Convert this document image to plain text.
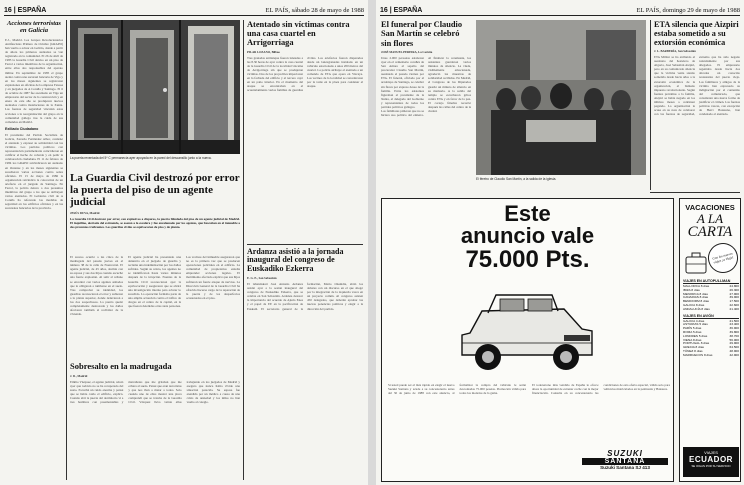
16 | ESPAÑA	EL PAÍS, sábado 28 de mayo de 1988
Acciones terroristas en Galicia
E.J., Madrid. Los Grupos Revolucionarios Antifascistas Primero de Octubre (GRAPO) han vuelto a actuar en Galicia, donde a partir de ahora los primeros atentados se van registrado en la comunidad. El 26 de abril de 1983 la Guardia Civil detuvo en un piso de Ferrol a varios miembros de la organización, entre ellos dos responsables del aparato militar. En septiembre de 1985 el grupo atentó contra una sucursal bancaria de Vigo y en los meses siguientes se registraron explosiones en oficinas de la empresa Fenosa y en juzgados de A Coruña y Santiago. El 6 de octubre de 1987 fue asesinado en Vigo un empresario del sector de la construcción y en enero de este año se produjeron nuevos atentados contra instalaciones de la Xunta. Las fuerzas de seguridad vinculan estas acciones a la reorganización del grupo en la comunidad gallega tras la caída de sus comandos en Madrid.
Exiliado Ciudadano
El presidente del Partido Socialista de Galicia, Xerardo Fernández Albor, condenó el atentado y expresó su solidaridad con las víctimas. Los partidos políticos con representación parlamentaria coincidieron en calificar el hecho de cobarde y en pedir la colaboración ciudadana. El 11 de febrero de 1984 los GRAPO reivindicaron un atentado en Ourense y en los meses siguientes se sucedieron varias acciones contra sedes oficiales. El 15 de mayo de 1986 la organización reivindicó la colocación de un artefacto en el juzgado de Santiago. En Ferrol, la policía detuvo a dos presuntos miembros del grupo a los que se atribuyen varios atentados. El Gobierno civil de A Coruña ha reforzado las medidas de seguridad en los edificios oficiales y en las sucursales bancarias de la provincia.
La puerta reventada del 5º C permanecía ayer apoyada en la pared del descansillo junto a la nueva.
La Guardia Civil destrozó por error la puerta del piso de un agente judicial
JESÚS DUVA, Madrid
La Guardia Civil destrozó por error, con explosivos a disparos, la puerta blindada del piso de un agente judicial de Madrid. El inquilino, alertado del estruendo, se asomó a la escalera y fue encañonado por los agentes, que buscaban en el inmueble a dos presuntos traficantes. Los guardias civiles se equivocaron de piso y de planta.
El suceso ocurrió a las cinco de la madrugada del pasado jueves en el número 38 de la calle de Fuencarral. El agente judicial, de 45 años, dormía con su esposa y sus dos hijos cuando escuchó una fuerte explosión. Al salir al rellano se encontró con varios agentes armados que le obligaron a tumbarse en el suelo. Tras comprobar su identidad, los guardias reconocieron el error y subieron a la planta superior, donde detuvieron a los dos sospechosos. La puerta quedó completamente destrozada y los daños afectaron también al recibidor de la vivienda.
El agente judicial ha presentado una denuncia en el juzgado de guardia y reclama una indemnización por los daños sufridos. Según su relato, los agentes no se identificaron hasta varios minutos después de la irrupción. Fuentes de la Guardia Civil reconocieron ayer la equivocación y aseguraron que se abrirá una investigación interna para aclarar lo sucedido. La operación formaba parte de una amplia actuación contra el tráfico de drogas en el centro de la capital, en la que fueron detenidas otras siete personas.
Los vecinos del inmueble aseguraron que no es la primera vez que se producen operaciones policiales en el edificio. La comunidad de propietarios estudia emprender acciones legales. El matrimonio afectado explicó que sus hijos sufrieron un fuerte ataque de nervios. La Dirección General de la Guardia Civil ha ofrecido hacerse cargo de la reparación de la puerta y de los desperfectos ocasionados en el piso.
Sobresalto en la madrugada
J. D., Madrid
Emilio Vázquez, el agente judicial, relató ayer que todavía no se ha recuperado del susto. Escuché un ruido enorme y pensé que se había caído el edificio, explicó. Cuando abrí la puerta del dormitorio vi a tres hombres con pasamontañas y metralletas que me gritaban que me echara al suelo. Pensé que eran terroristas y que nos iban a matar a todos. Solo cuando uno de ellos mostró una placa comprendí que se trataba de la Guardia Civil. Vázquez lleva veinte años trabajando en los juzgados de Madrid y asegura que nunca había vivido una situación parecida. Su esposa fue atendida por un médico a causa de una crisis de ansiedad y los niños no han vuelto al colegio.
Atentado sin víctimas contra una casa cuartel en Arrigorriaga
PILAR LOZANO, Bilbao
Tres granadas antitanque fueron lanzadas a las 8.30 horas de ayer contra la casa cuartel de la Guardia Civil de la localidad vizcaína de Arrigorriaga sin que se produjeran víctimas. Dos de los proyectiles impactaron en la fachada del edificio y el tercero cayó en un patio interior. En el momento del ataque se encontraban en el acuartelamiento varias familias de guardias civiles. Los artefactos fueron disparados desde un lanzagranadas instalado en un vehículo estacionado a unos 200 metros del cuartel. La policía atribuye el atentado a un comando de ETA que opera en Vizcaya. Los vecinos de la localidad se concentraron por la tarde en la plaza para condenar el ataque.
Ardanza asistió a la jornada inaugural del congreso de Euskadiko Ezkerra
E. G. E., San Sebastián
El lehendakari José Antonio Ardanza asistió ayer a la sesión inaugural del congreso de Euskadiko Ezkerra, que se celebra en San Sebastián. Ardanza destacó la importancia del acuerdo de Ajuria Enea y el papel de EE en la pacificación de Euskadi. El secretario general de la formación, Mario Onaindia, abrió los debates con un discurso en el que abogó por la integración de la izquierda vasca en un proyecto común. Al congreso asisten 450 delegados, que deberán aprobar las nuevas ponencias políticas y elegir a la dirección del partido.
16 | ESPAÑA	EL PAÍS, domingo 29 de mayo de 1988
El funeral por Claudio San Martín se celebró sin flores
JOSÉ MANUEL PEREIRA, La Coruña
Unas 2.000 personas asistieron ayer en el cementerio coruñés de San Amaro al sepelio del procurador Claudio San Martín, asesinado el pasado viernes por ETA. El funeral, oficiado por el arzobispo de Santiago, se celebró sin flores por expreso deseo de la familia. Entre los asistentes figuraban el presidente de la Xunta, el delegado del Gobierno y representantes de todos los partidos políticos gallegos.
Los familiares pidieron que no se hiciera uso político del entierro. Al finalizar la ceremonia, los asistentes guardaron varios minutos de silencio. La viuda, visiblemente emocionada, agradeció las muestras de solidaridad recibidas. En Madrid, el Congreso de los Diputados guardó un minuto de silencio en su memoria. A la salida del templo se escucharon gritos contra ETA y en favor de la paz. El cortejo fúnebre recorrió después las calles del centro de la ciudad.
El féretro de Claudio San Martín, a la salida de la iglesia.
ETA silencia que Aizpiri estaba sometido a su extorsión económica
J. L. BARBERÍA, San Sebastián
ETA Militar se ha atribuido el asesinato del hostelero de Algorta, José Sebastián Aizpiri, pero en su comunicado silencia que la víctima venía siendo sometida desde hacía años a la extorsión económica de la organización, el llamado impuesto revolucionario. Según fuentes próximas a la familia, Aizpiri se había negado en los últimos meses a continuar pagando. La organización le acusa en su nota de colaborar con las fuerzas de seguridad, extremo que ha sido negado rotundamente por sus allegados. El empresario regentaba desde hacía dos décadas un conocido restaurante del puerto viejo. Los familiares y amigos de la víctima han expresado su indignación por el contenido del comunicado, que consideran una nueva forma de justificar el crimen. Las fuerzas políticas vascas, con excepción de Herri Batasuna, han condenado el atentado.
VACACIONES
A LA
CARTA
Con los nuevos viajes ¡a Viaje!
VIAJES EN AUTOPULLMAN
MALLORCA 8 días	24.800
IBIZA 8 días	26.300
MENORCA 8 días	27.900
CANARIAS 8 días	39.900
BENIDORM 8 días	17.500
GALICIA 8 días	22.600
ANDALUCÍA 8 días	21.400
VIAJES EN AVIÓN
GALICIA 4 días	21.500
ASTURIAS 5 días	23.400
PARÍS 5 días	36.900
ROMA 5 días	39.800
LONDRES 5 días	38.700
VIENA 8 días	56.000
PORTUGAL 8 días	29.900
GRECIA 8 días	64.500
TÚNEZ 8 días	48.900
MARRUECOS 8 días	42.900
VIAJES
ECUADOR
SE OIGAN POR SU SERVICIO
Este
anuncio vale
75.000 Pts.
Si usted puede ser el más rápido en elegir el nuevo Suzuki Santana y acude a su concesionario antes del 30 de junio de 1988 con este anuncio, al formalizar la compra del vehículo le serán descontadas 75.000 pesetas. Promoción válida para todos los modelos de la gama.
El todoterreno más vendido de España le ofrece ahora la oportunidad de estrenar coche con la mejor financiación. Consulte en su concesionario las condiciones de esta oferta especial, válida solo para vehículos matriculados en la península y Baleares.
SUZUKI
SANTANA
Suzuki Santana SJ 413
